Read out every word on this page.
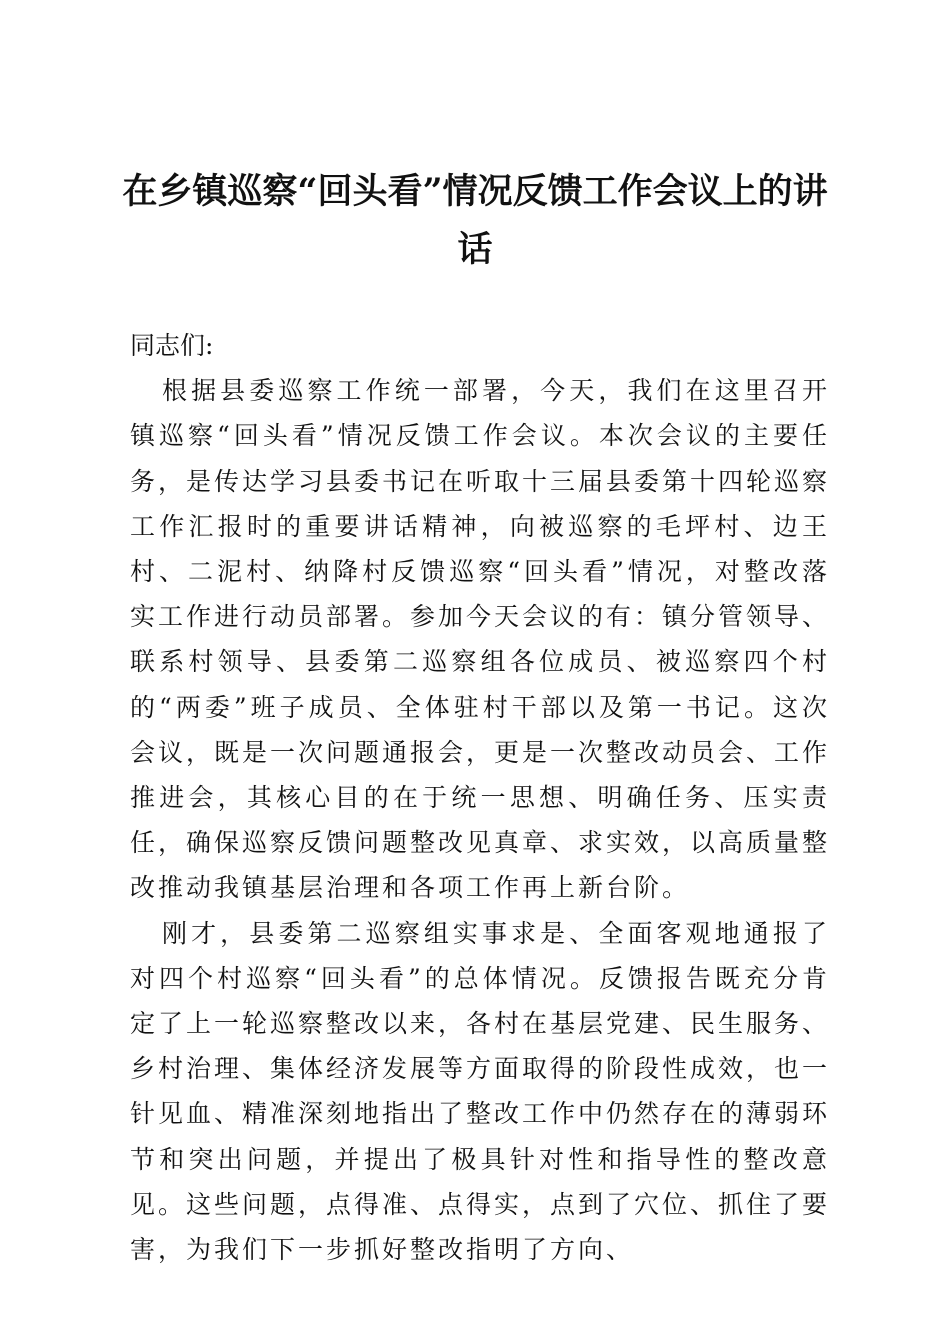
在乡镇巡察“回头看”情况反馈工作会议上的讲话

同志们:

根据县委巡察工作统一部署，今天，我们在这里召开镇巡察“回头看”情况反馈工作会议。本次会议的主要任务，是传达学习县委书记在听取十三届县委第十四轮巡察工作汇报时的重要讲话精神，向被巡察的毛坪村、边王村、二泥村、纳降村反馈巡察“回头看”情况，对整改落实工作进行动员部署。参加今天会议的有：镇分管领导、联系村领导、县委第二巡察组各位成员、被巡察四个村的“两委”班子成员、全体驻村干部以及第一书记。这次会议，既是一次问题通报会，更是一次整改动员会、工作推进会，其核心目的在于统一思想、明确任务、压实责任，确保巡察反馈问题整改见真章、求实效，以高质量整改推动我镇基层治理和各项工作再上新台阶。

刚才，县委第二巡察组实事求是、全面客观地通报了对四个村巡察“回头看”的总体情况。反馈报告既充分肯定了上一轮巡察整改以来，各村在基层党建、民生服务、乡村治理、集体经济发展等方面取得的阶段性成效，也一针见血、精准深刻地指出了整改工作中仍然存在的薄弱环节和突出问题，并提出了极具针对性和指导性的整改意见。这些问题，点得准、点得实，点到了穴位、抓住了要害，为我们下一步抓好整改指明了方向、
